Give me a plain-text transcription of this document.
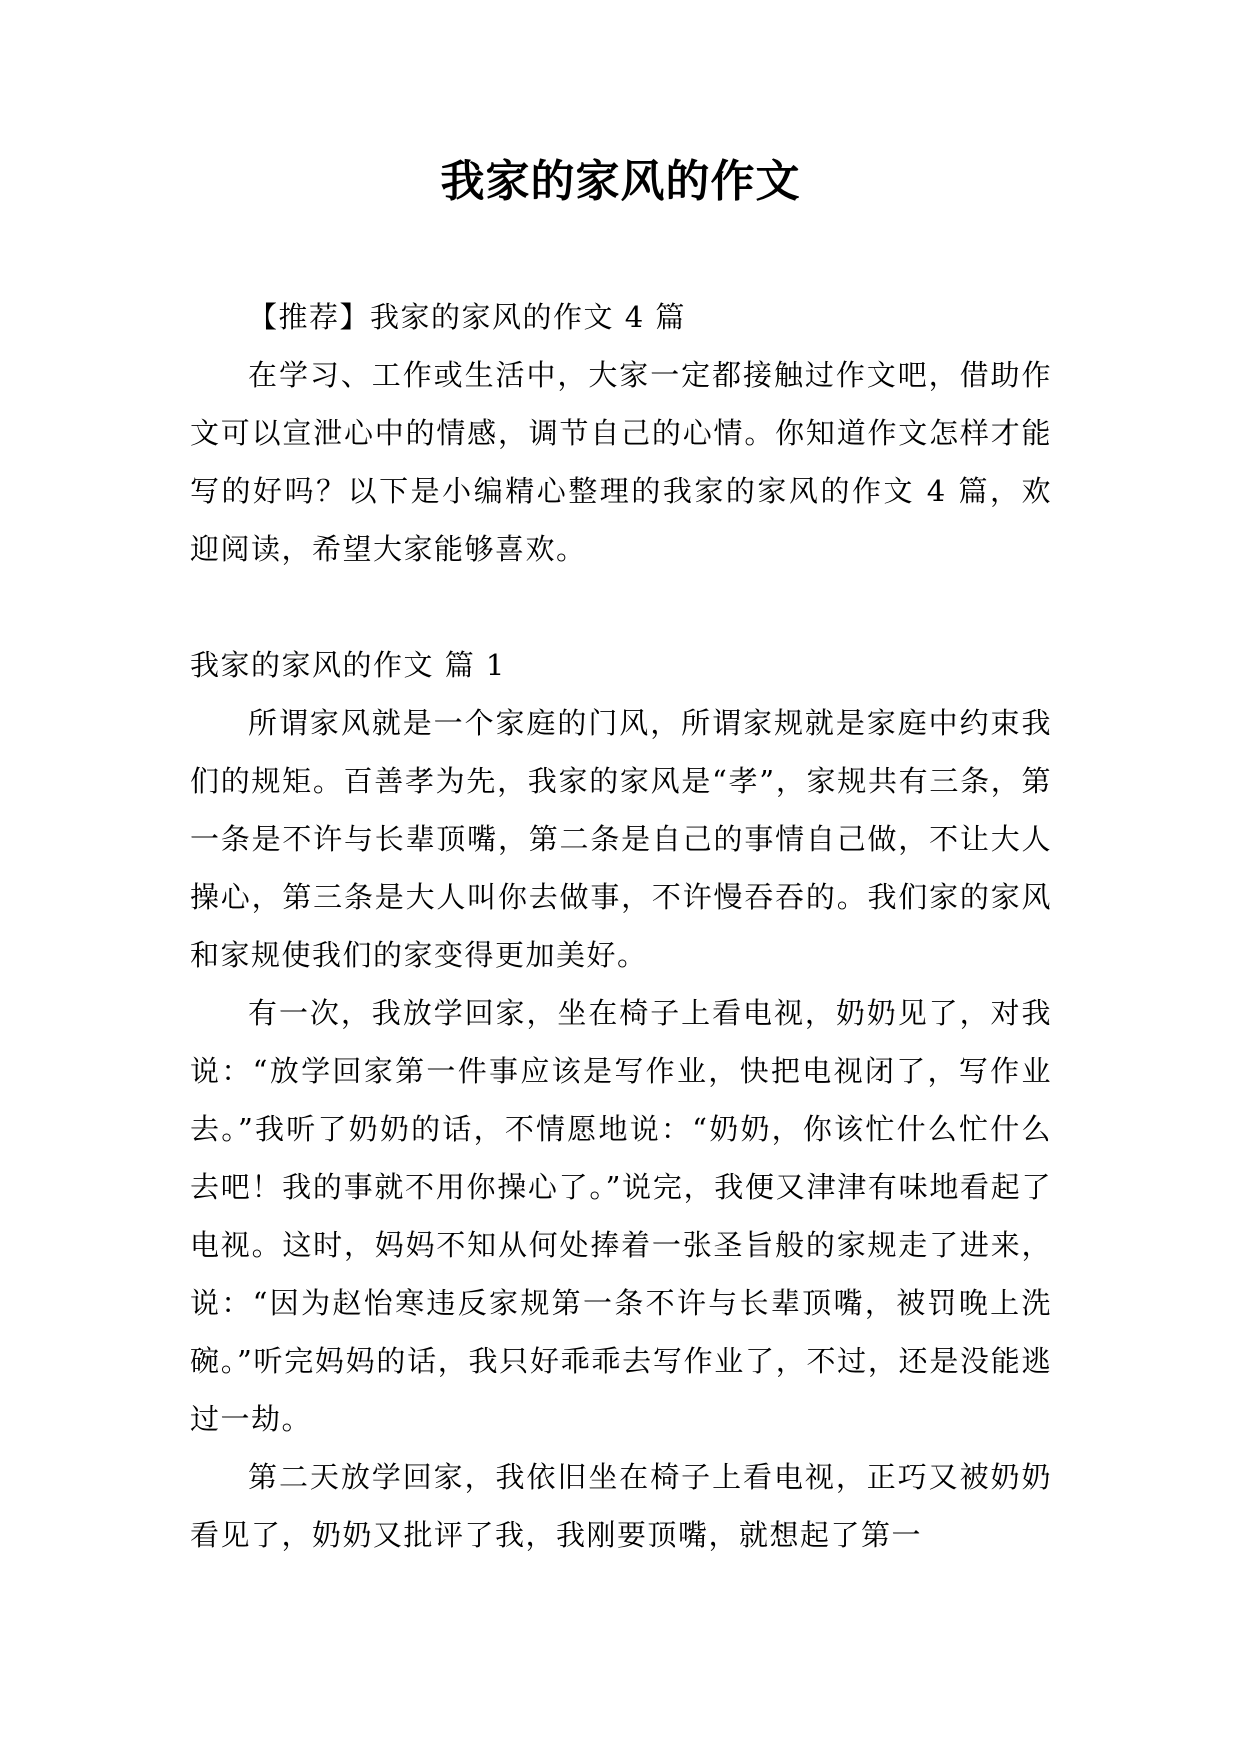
我家的家风的作文

【推荐】我家的家风的作文 4 篇

在学习、工作或生活中，大家一定都接触过作文吧，借助作文可以宣泄心中的情感，调节自己的心情。你知道作文怎样才能写的好吗？以下是小编精心整理的我家的家风的作文 4 篇，欢迎阅读，希望大家能够喜欢。

我家的家风的作文 篇 1

所谓家风就是一个家庭的门风，所谓家规就是家庭中约束我们的规矩。百善孝为先，我家的家风是“孝”，家规共有三条，第一条是不许与长辈顶嘴，第二条是自己的事情自己做，不让大人操心，第三条是大人叫你去做事，不许慢吞吞的。我们家的家风和家规使我们的家变得更加美好。

有一次，我放学回家，坐在椅子上看电视，奶奶见了，对我说：“放学回家第一件事应该是写作业，快把电视闭了，写作业去。”我听了奶奶的话，不情愿地说：“奶奶，你该忙什么忙什么去吧！我的事就不用你操心了。”说完，我便又津津有味地看起了电视。这时，妈妈不知从何处捧着一张圣旨般的家规走了进来，说：“因为赵怡寒违反家规第一条不许与长辈顶嘴，被罚晚上洗碗。”听完妈妈的话，我只好乖乖去写作业了，不过，还是没能逃过一劫。

第二天放学回家，我依旧坐在椅子上看电视，正巧又被奶奶看见了，奶奶又批评了我，我刚要顶嘴，就想起了第一
